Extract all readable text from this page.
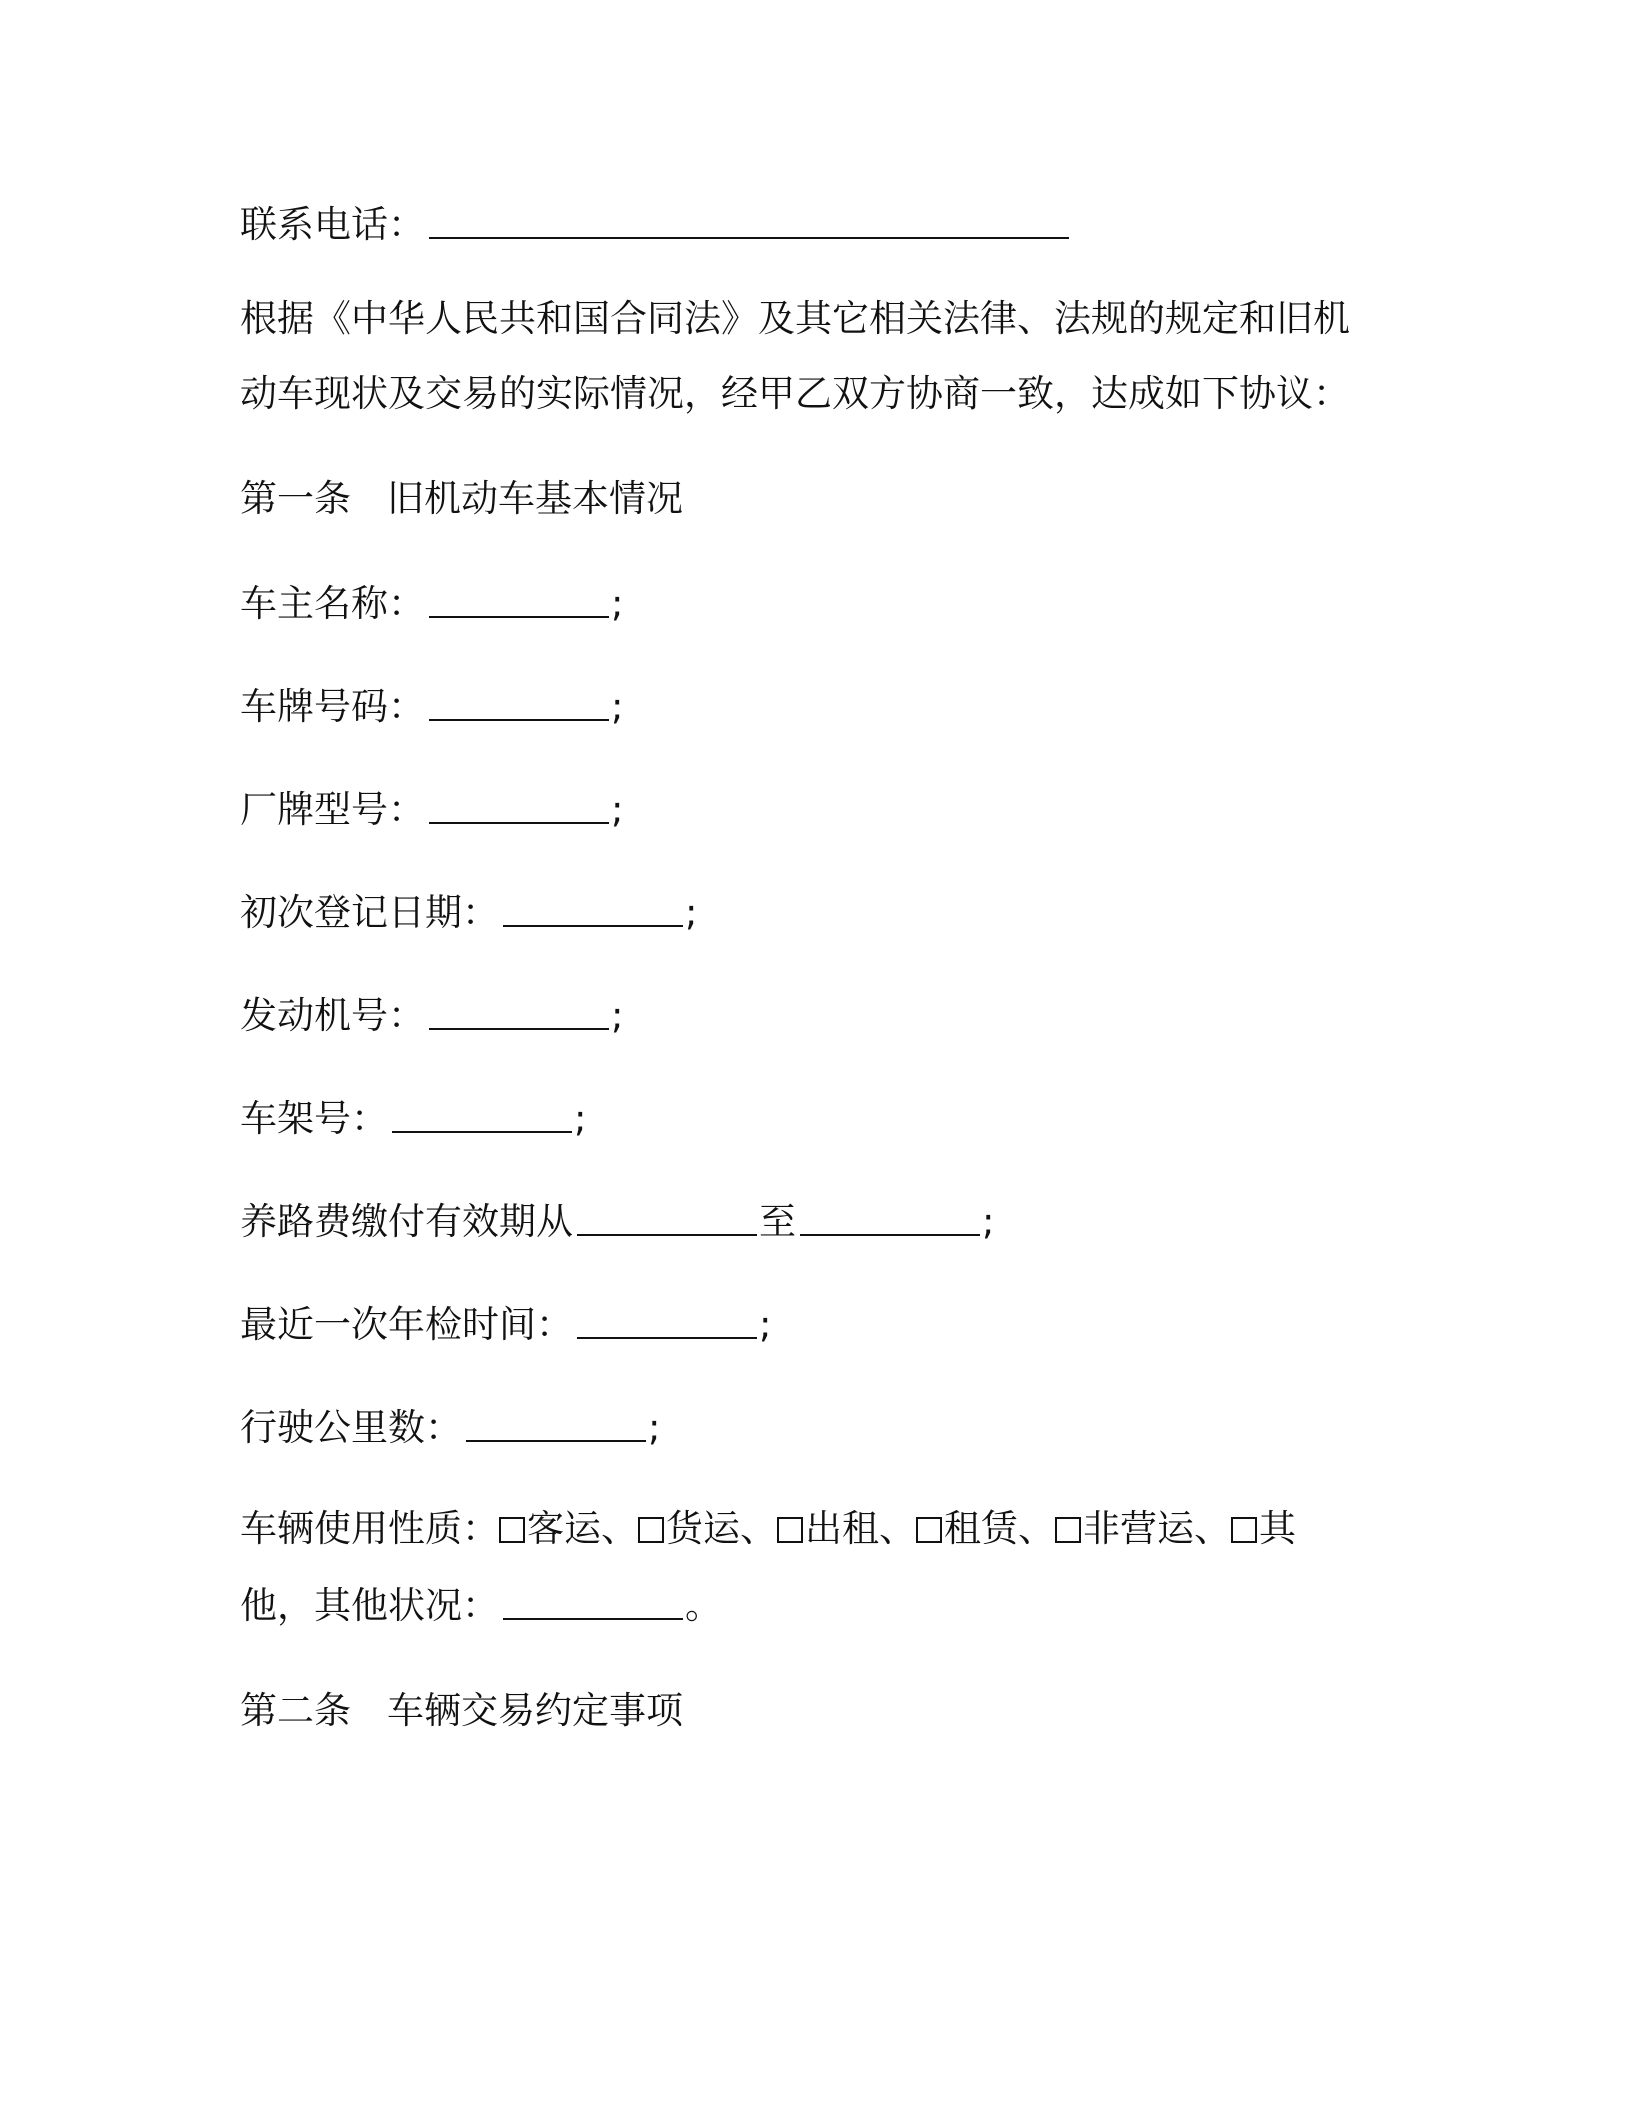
联系电话：
根据《中华人民共和国合同法》及其它相关法律、法规的规定和旧机
动车现状及交易的实际情况，经甲乙双方协商一致，达成如下协议：
第一条 旧机动车基本情况
车主名称：	;
车牌号码：	;
厂牌型号：	;
初次登记日期：	;
发动机号：	;
车架号：	;
养路费缴付有效期从	至	;
最近一次年检时间：	;
行驶公里数：	;
车辆使用性质： 客运、 货运、 出租、 租赁、 非营运、 其
他，其他状况：	。
第二条 车辆交易约定事项
